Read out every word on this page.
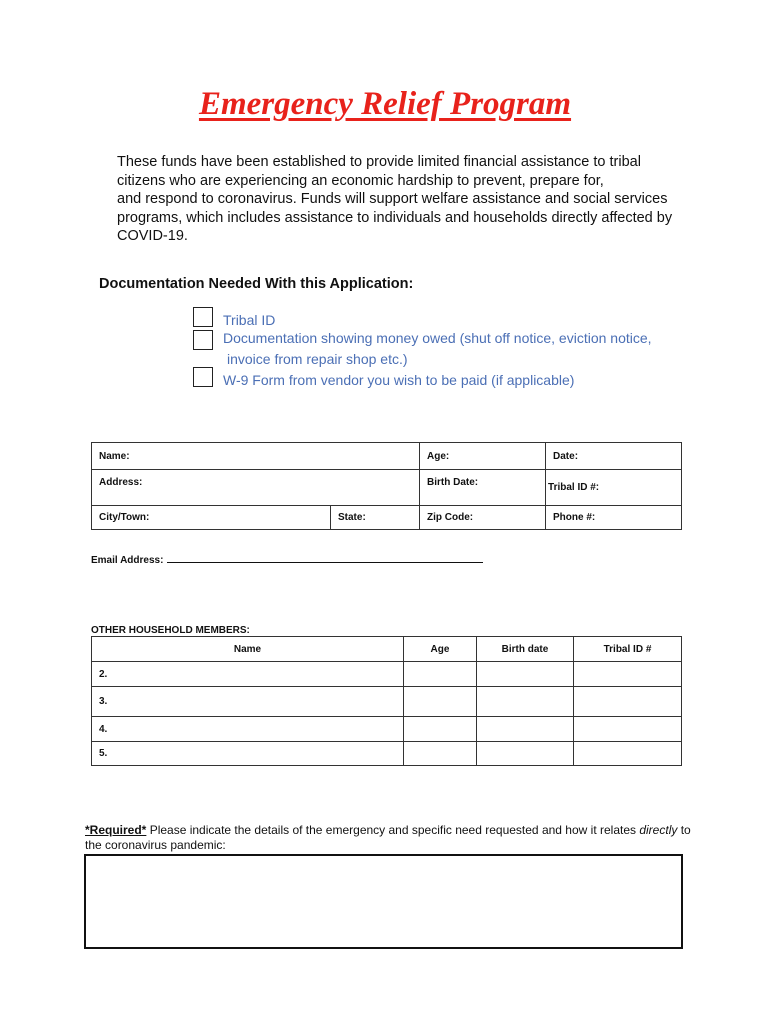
Emergency Relief Program

These funds have been established to provide limited financial assistance to tribal
citizens who are experiencing an economic hardship to prevent, prepare for,
and respond to coronavirus. Funds will support welfare assistance and social services
programs, which includes assistance to individuals and households directly affected by
COVID-19.

Documentation Needed With this Application:

Tribal ID
Documentation showing money owed (shut off notice, eviction notice,
invoice from repair shop etc.)
W-9 Form from vendor you wish to be paid (if applicable)
Name:		Age:	Date:
Address:		Birth Date:	Tribal ID #:
City/Town:	State:	Zip Code:	Phone #:
Email Address:
OTHER HOUSEHOLD MEMBERS:
Name	Age	Birth date	Tribal ID #
2.			
3.			
4.			
5.			

*Required* Please indicate the details of the emergency and specific need requested and how it relates directly to the coronavirus pandemic:
